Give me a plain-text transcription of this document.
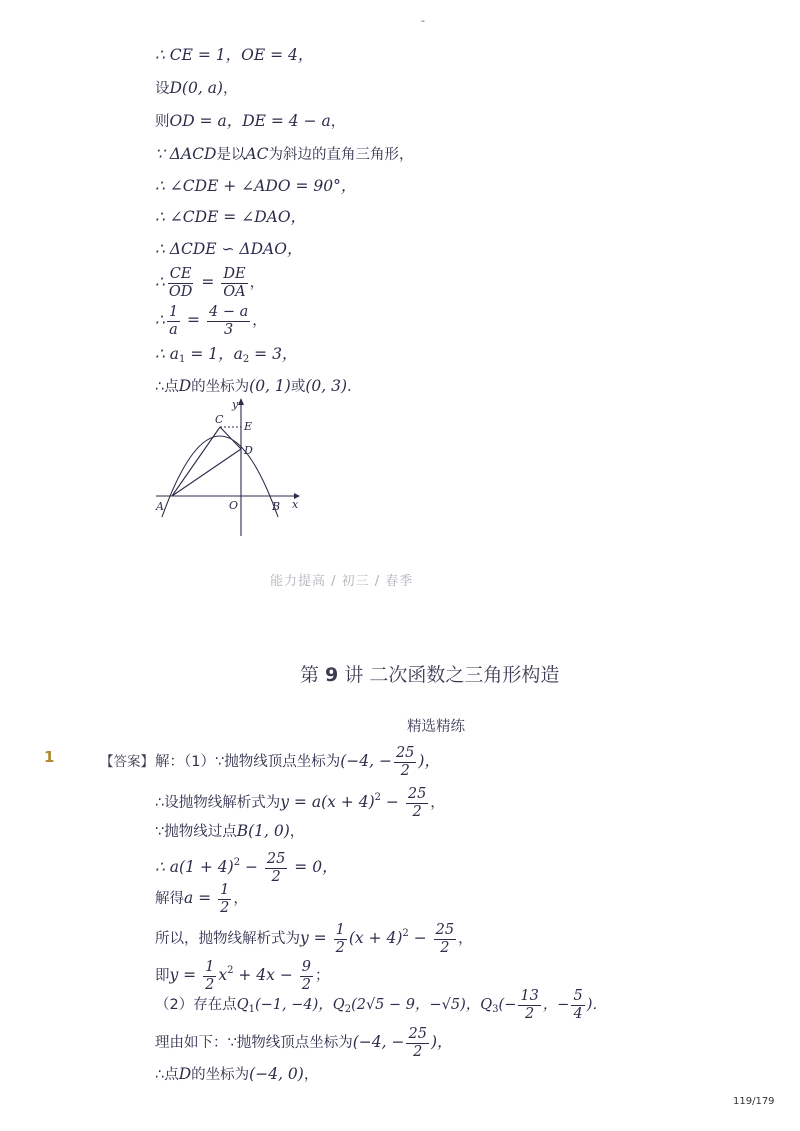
-
∴ CE = 1，OE = 4，
设D(0, a)，
则OD = a，DE = 4 − a，
∵ ΔACD是以AC为斜边的直角三角形，
∴ ∠CDE + ∠ADO = 90°，
∴ ∠CDE = ∠DAO，
∴ ΔCDE ∽ ΔDAO，
∴ $\frac{CE}{OD} = \frac{DE}{OA}$ ，
∴ $\frac{1}{a} = \frac{4 - a}{3}$ ，
∴ $a_1 = 1$，$a_2 = 3$，
∴点D的坐标为(0, 1)或(0, 3)．
y
x
C
E
D
A	O	B
能力提高 / 初三 / 春季
第 9 讲 二次函数之三角形构造
精选精练
1	【答案】 解：（1）∵抛物线顶点坐标为(−4, − $\frac{25}{2}$ )，
∴设抛物线解析式为$y = a(x + 4)^2 - \frac{25}{2}$ ，
∵抛物线过点B(1, 0)，
∴ $a(1 + 4)^2 - \frac{25}{2} = 0$，
解得$a = \frac{1}{2}$ ，
所以，抛物线解析式为$y = \frac{1}{2} (x + 4)^2 - \frac{25}{2}$ ，
即$y = \frac{1}{2} x^2 + 4x - \frac{9}{2}$ ；
（2）存在点$Q_1(-1$, −4)，$Q_2(2√5 - 9$，−√5)，$Q_3(- \frac{13}{2}$ ，− $\frac{5}{4}$ )．
理由如下：∵抛物线顶点坐标为(−4, − $\frac{25}{2}$ )，
∴点D的坐标为(−4, 0)，
119/179
